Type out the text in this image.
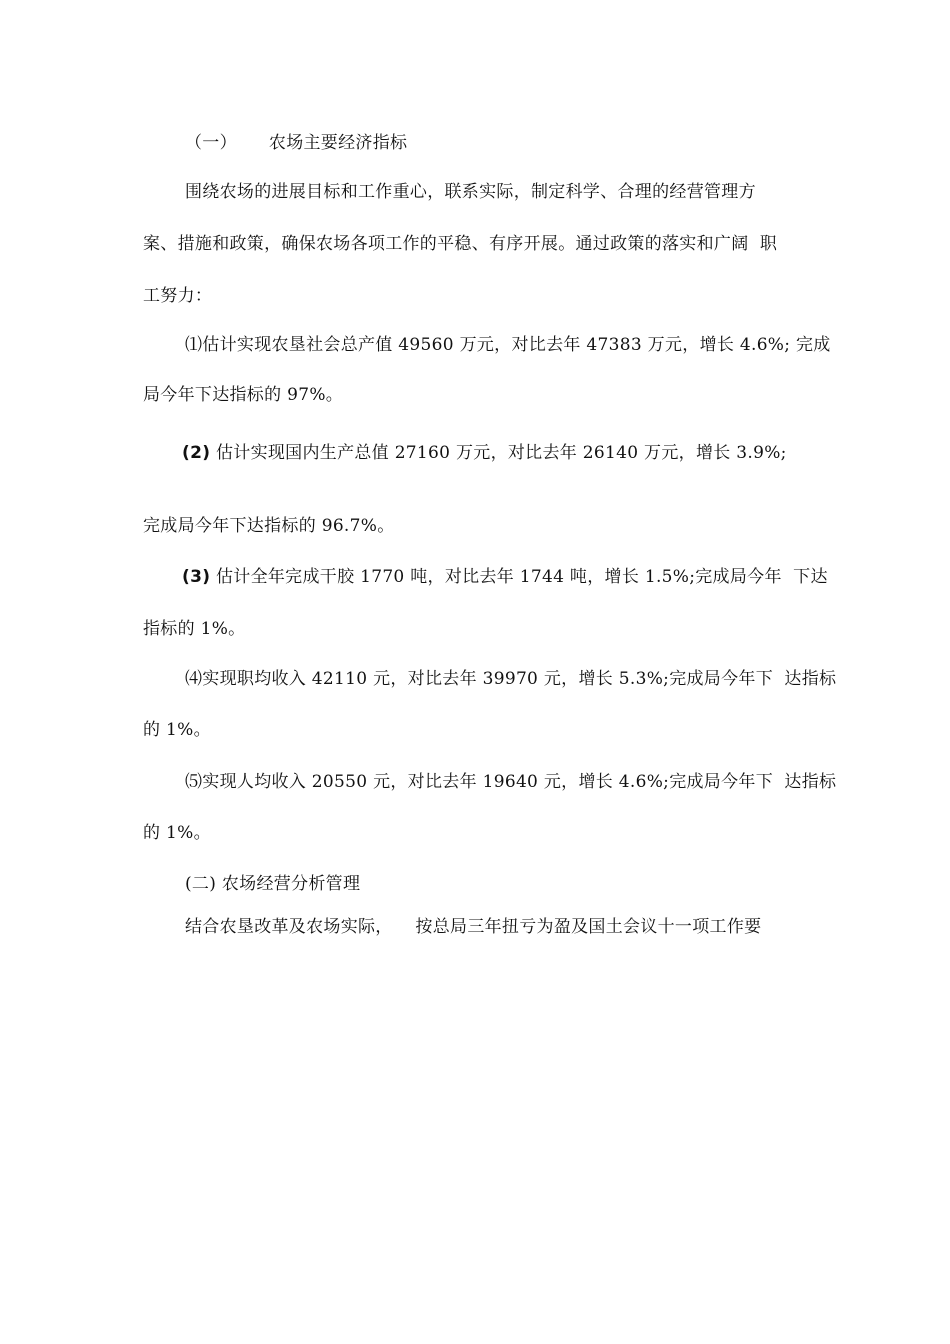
（一） 农场主要经济指标

围绕农场的进展目标和工作重心，联系实际，制定科学、合理的经营管理方

案、措施和政策，确保农场各项工作的平稳、有序开展。通过政策的落实和广阔  职

工努力：

⑴估计实现农垦社会总产值 49560 万元，对比去年 47383 万元，增长 4.6%; 完成

局今年下达指标的 97%。

(2) 估计实现国内生产总值 27160 万元，对比去年 26140 万元，增长 3.9%;

完成局今年下达指标的 96.7%。

(3) 估计全年完成干胶 1770 吨，对比去年 1744 吨，增长 1.5%;完成局今年  下达

指标的 1%。

⑷实现职均收入 42110 元，对比去年 39970 元，增长 5.3%;完成局今年下  达指标

的 1%。

⑸实现人均收入 20550 元，对比去年 19640 元，增长 4.6%;完成局今年下  达指标

的 1%。

(二) 农场经营分析管理

结合农垦改革及农场实际，    按总局三年扭亏为盈及国土会议十一项工作要
